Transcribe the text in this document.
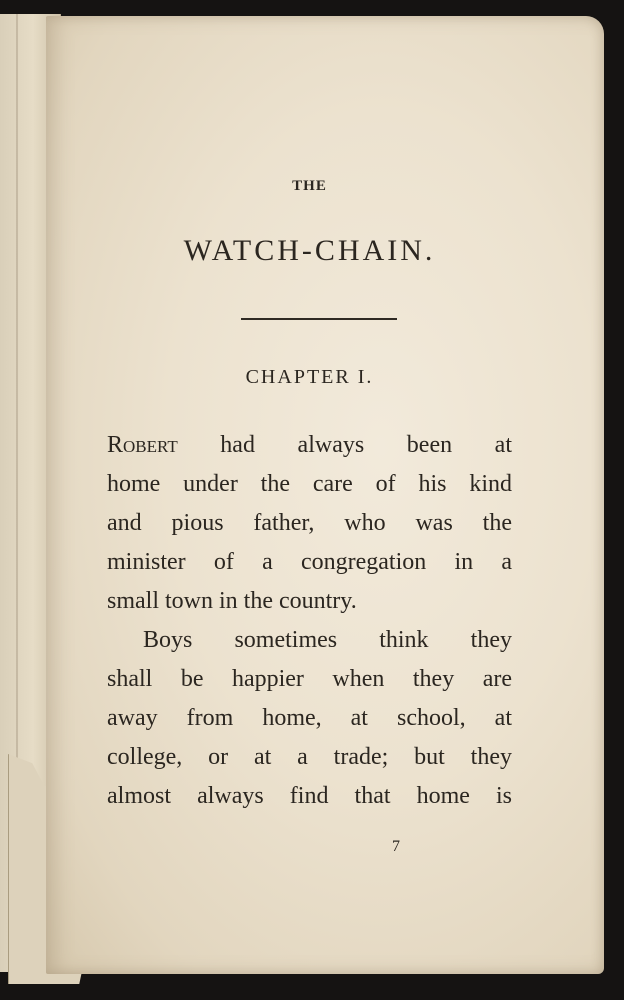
THE
WATCH-CHAIN.
CHAPTER I.
Robert had always been at
home under the care of his kind
and pious father, who was the
minister of a congregation in a
small town in the country.
Boys sometimes think they
shall be happier when they are
away from home, at school, at
college, or at a trade; but they
almost always find that home is
7
